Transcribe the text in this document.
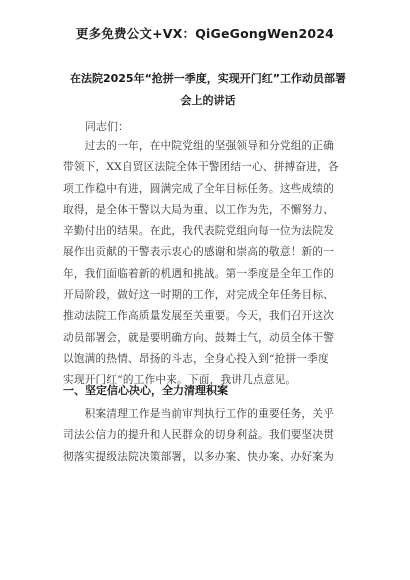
更多免费公文+VX：QiGeGongWen2024
在法院2025年“抢拼一季度，实现开门红”工作动员部署
会上的讲话
同志们：
　　过去的一年，在中院党组的坚强领导和分党组的正确
带领下，XX自贸区法院全体干警团结一心、拼搏奋进，各
项工作稳中有进，圆满完成了全年目标任务。这些成绩的
取得，是全体干警以大局为重、以工作为先，不懈努力、
辛勤付出的结果。在此，我代表院党组向每一位为法院发
展作出贡献的干警表示衷心的感谢和崇高的敬意！新的一
年，我们面临着新的机遇和挑战。第一季度是全年工作的
开局阶段，做好这一时期的工作，对完成全年任务目标、
推动法院工作高质量发展至关重要。今天，我们召开这次
动员部署会，就是要明确方向、鼓舞士气，动员全体干警
以饱满的热情、昂扬的斗志，全身心投入到“抢拼一季度
实现开门红”的工作中来。下面，我讲几点意见。
一、坚定信心决心，全力清理积案
　　积案清理工作是当前审判执行工作的重要任务，关乎
司法公信力的提升和人民群众的切身利益。我们要坚决贯
彻落实提级法院决策部署，以多办案、快办案、办好案为
